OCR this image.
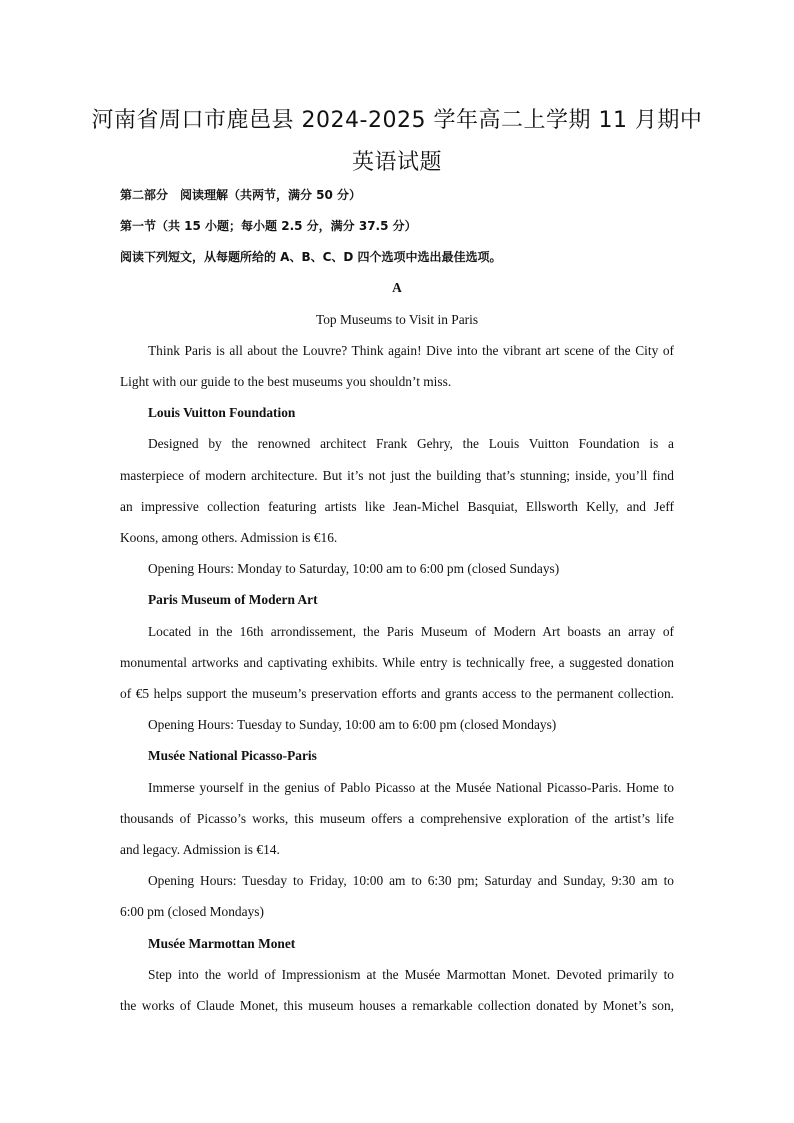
河南省周口市鹿邑县 2024-2025 学年高二上学期 11 月期中
英语试题
第二部分　阅读理解（共两节，满分 50 分）
第一节（共 15 小题；每小题 2.5 分，满分 37.5 分）
阅读下列短文，从每题所给的 A、B、C、D 四个选项中选出最佳选项。
A
Top Museums to Visit in Paris
Think Paris is all about the Louvre? Think again! Dive into the vibrant art scene of the City of
Light with our guide to the best museums you shouldn’t miss.
Louis Vuitton Foundation
Designed by the renowned architect Frank Gehry, the Louis Vuitton Foundation is a
masterpiece of modern architecture. But it’s not just the building that’s stunning; inside, you’ll find
an impressive collection featuring artists like Jean-Michel Basquiat, Ellsworth Kelly, and Jeff
Koons, among others. Admission is €16.
Opening Hours: Monday to Saturday, 10:00 am to 6:00 pm (closed Sundays)
Paris Museum of Modern Art
Located in the 16th arrondissement, the Paris Museum of Modern Art boasts an array of
monumental artworks and captivating exhibits. While entry is technically free, a suggested donation
of €5 helps support the museum’s preservation efforts and grants access to the permanent collection.
Opening Hours: Tuesday to Sunday, 10:00 am to 6:00 pm (closed Mondays)
Musée National Picasso-Paris
Immerse yourself in the genius of Pablo Picasso at the Musée National Picasso-Paris. Home to
thousands of Picasso’s works, this museum offers a comprehensive exploration of the artist’s life
and legacy. Admission is €14.
Opening Hours: Tuesday to Friday, 10:00 am to 6:30 pm; Saturday and Sunday, 9:30 am to
6:00 pm (closed Mondays)
Musée Marmottan Monet
Step into the world of Impressionism at the Musée Marmottan Monet. Devoted primarily to
the works of Claude Monet, this museum houses a remarkable collection donated by Monet’s son,
